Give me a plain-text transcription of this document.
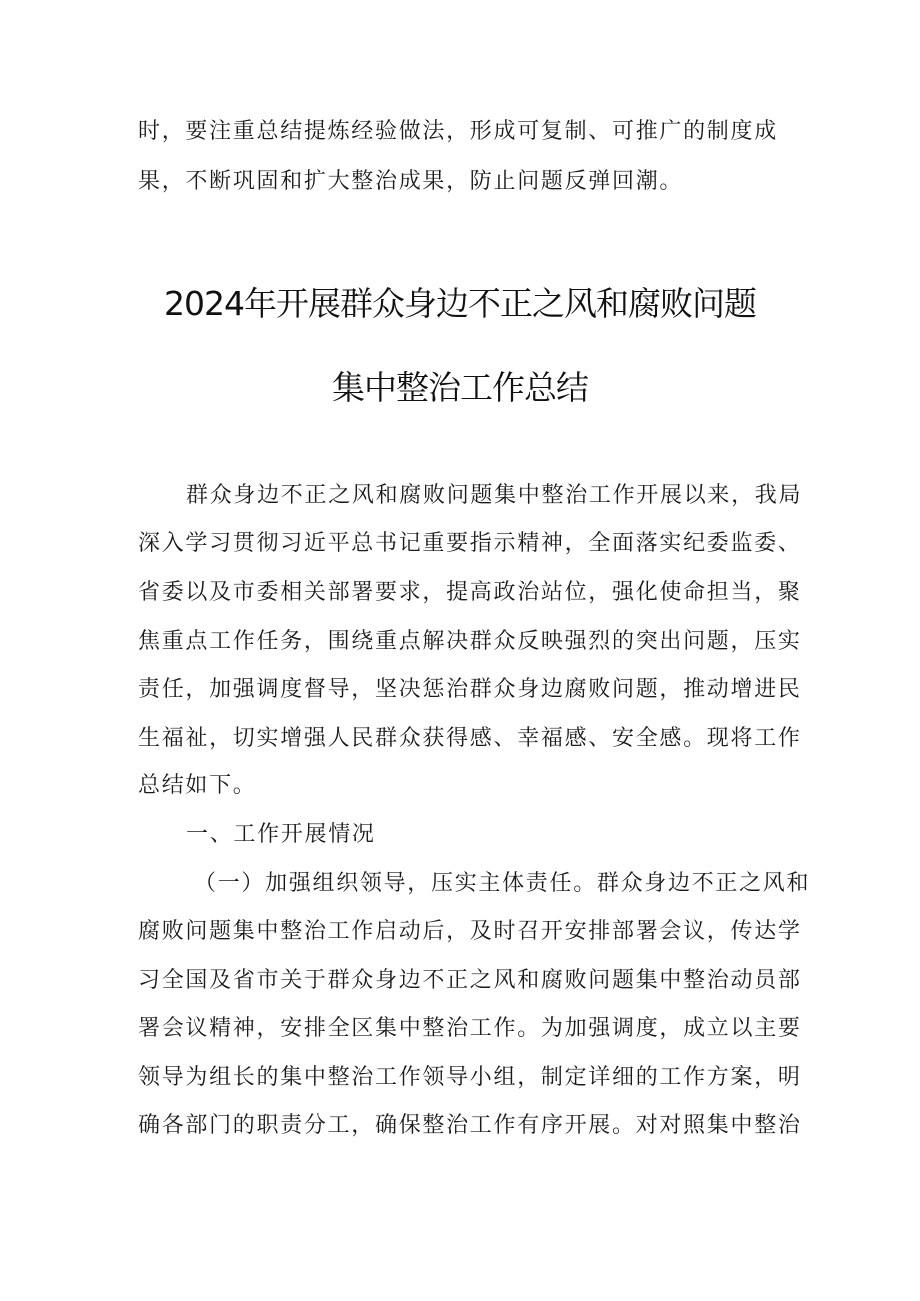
时，要注重总结提炼经验做法，形成可复制、可推广的制度成
果，不断巩固和扩大整治成果，防止问题反弹回潮。
2024年开展群众身边不正之风和腐败问题
集中整治工作总结
群众身边不正之风和腐败问题集中整治工作开展以来，我局
深入学习贯彻习近平总书记重要指示精神，全面落实纪委监委、
省委以及市委相关部署要求，提高政治站位，强化使命担当，聚
焦重点工作任务，围绕重点解决群众反映强烈的突出问题，压实
责任，加强调度督导，坚决惩治群众身边腐败问题，推动增进民
生福祉，切实增强人民群众获得感、幸福感、安全感。现将工作
总结如下。
一、工作开展情况
（一）加强组织领导，压实主体责任。群众身边不正之风和
腐败问题集中整治工作启动后，及时召开安排部署会议，传达学
习全国及省市关于群众身边不正之风和腐败问题集中整治动员部
署会议精神，安排全区集中整治工作。为加强调度，成立以主要
领导为组长的集中整治工作领导小组，制定详细的工作方案，明
确各部门的职责分工，确保整治工作有序开展。对对照集中整治
